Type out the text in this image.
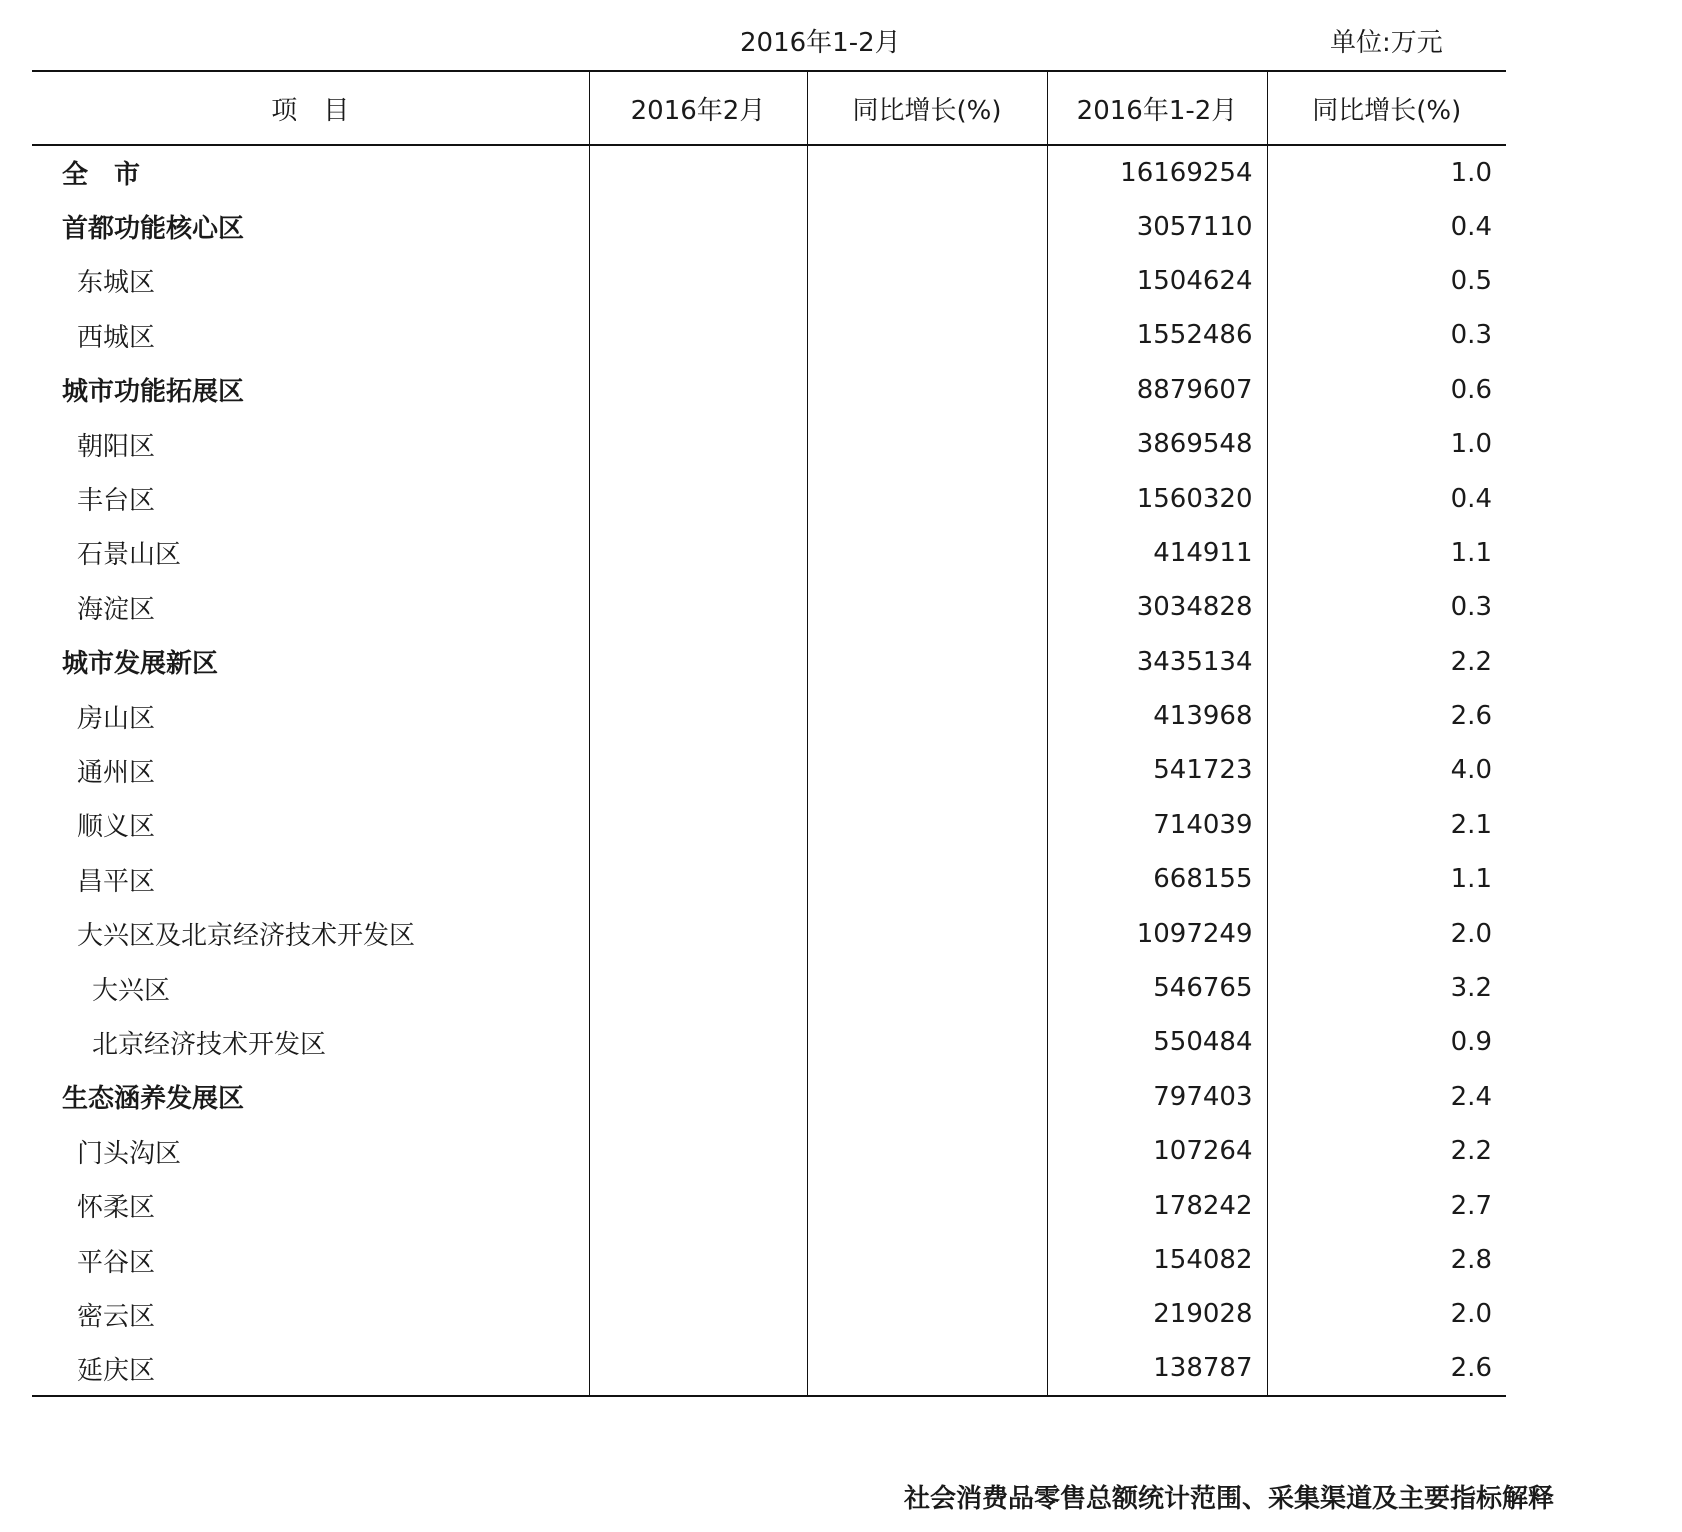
2016年1-2月	单位:万元
项　目	2016年2月	同比增长(%)	2016年1-2月	同比增长(%)
全　市			16169254	1.0
首都功能核心区			3057110	0.4
东城区			1504624	0.5
西城区			1552486	0.3
城市功能拓展区			8879607	0.6
朝阳区			3869548	1.0
丰台区			1560320	0.4
石景山区			414911	1.1
海淀区			3034828	0.3
城市发展新区			3435134	2.2
房山区			413968	2.6
通州区			541723	4.0
顺义区			714039	2.1
昌平区			668155	1.1
大兴区及北京经济技术开发区			1097249	2.0
大兴区			546765	3.2
北京经济技术开发区			550484	0.9
生态涵养发展区			797403	2.4
门头沟区			107264	2.2
怀柔区			178242	2.7
平谷区			154082	2.8
密云区			219028	2.0
延庆区			138787	2.6
社会消费品零售总额统计范围、采集渠道及主要指标解释
